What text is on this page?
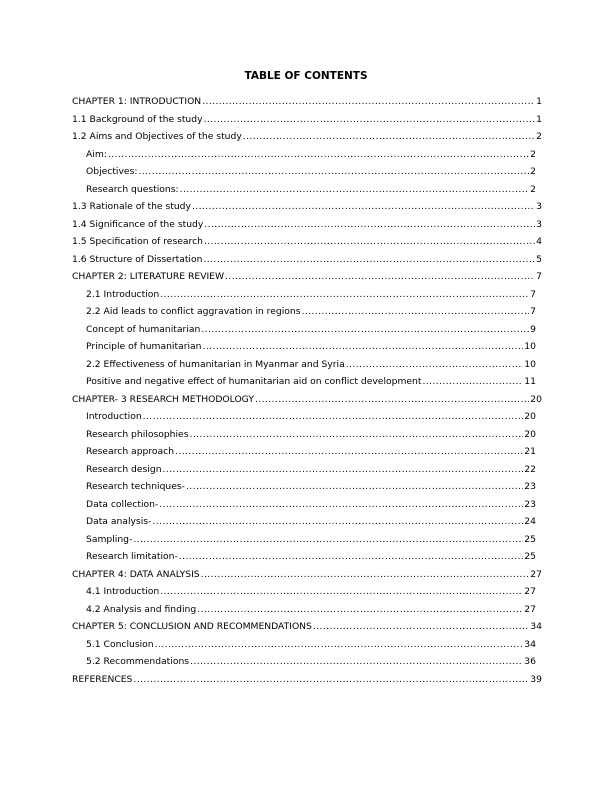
TABLE OF CONTENTS
CHAPTER 1: INTRODUCTION .....	1
1.1 Background of the study .....	1
1.2 Aims and Objectives of the study .....	2
Aim: .....	2
Objectives: .....	2
Research questions: .....	2
1.3 Rationale of the study .....	3
1.4 Significance of the study .....	3
1.5 Specification of research .....	4
1.6 Structure of Dissertation .....	5
CHAPTER 2: LITERATURE REVIEW .....	7
2.1 Introduction .....	7
2.2 Aid leads to conflict aggravation in regions .....	7
Concept of humanitarian .....	9
Principle of humanitarian .....	10
2.2 Effectiveness of humanitarian in Myanmar and Syria .....	10
Positive and negative effect of humanitarian aid on conflict development .....	11
CHAPTER- 3 RESEARCH METHODOLOGY .....	20
Introduction .....	20
Research philosophies .....	20
Research approach .....	21
Research design .....	22
Research techniques- .....	23
Data collection- .....	23
Data analysis- .....	24
Sampling- .....	25
Research limitation- .....	25
CHAPTER 4: DATA ANALYSIS .....	27
4.1 Introduction .....	27
4.2 Analysis and finding .....	27
CHAPTER 5: CONCLUSION AND RECOMMENDATIONS .....	34
5.1 Conclusion .....	34
5.2 Recommendations .....	36
REFERENCES .....	39
